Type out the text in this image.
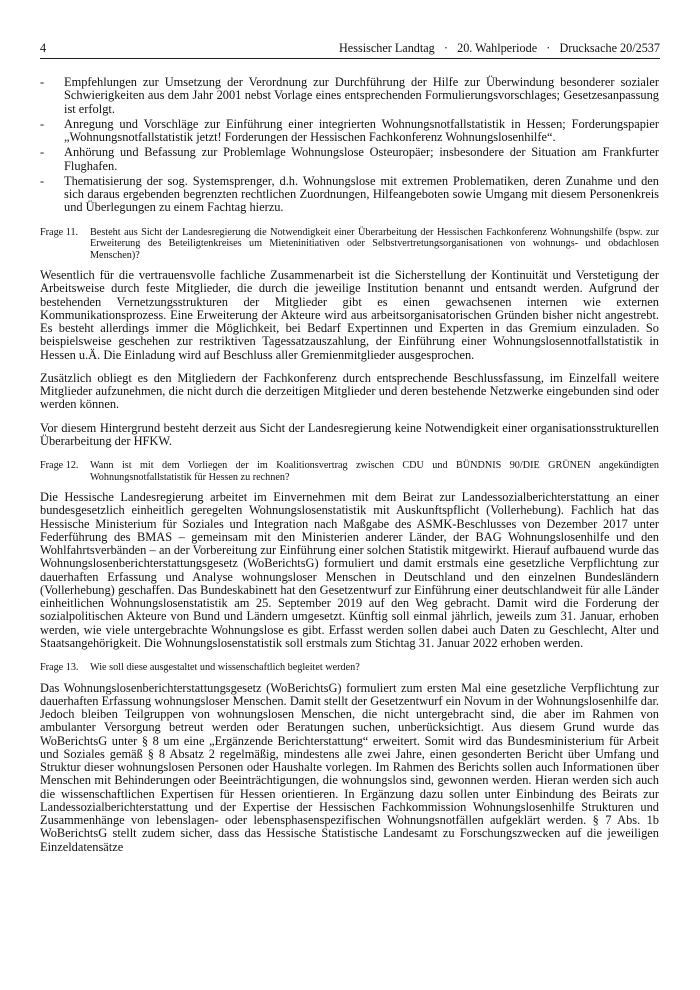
4	Hessischer Landtag   ·   20. Wahlperiode   ·   Drucksache 20/2537
- Empfehlungen zur Umsetzung der Verordnung zur Durchführung der Hilfe zur Überwindung besonderer sozialer Schwierigkeiten aus dem Jahr 2001 nebst Vorlage eines entsprechenden Formulierungsvorschlages; Gesetzesanpassung ist erfolgt.
- Anregung und Vorschläge zur Einführung einer integrierten Wohnungsnotfallstatistik in Hessen; Forderungspapier „Wohnungsnotfallstatistik jetzt! Forderungen der Hessischen Fachkonferenz Wohnungslosenhilfe“.
- Anhörung und Befassung zur Problemlage Wohnungslose Osteuropäer; insbesondere der Situation am Frankfurter Flughafen.
- Thematisierung der sog. Systemsprenger, d.h. Wohnungslose mit extremen Problematiken, deren Zunahme und den sich daraus ergebenden begrenzten rechtlichen Zuordnungen, Hilfeangeboten sowie Umgang mit diesem Personenkreis und Überlegungen zu einem Fachtag hierzu.
Frage 11.	Besteht aus Sicht der Landesregierung die Notwendigkeit einer Überarbeitung der Hessischen Fachkonferenz Wohnungshilfe (bspw. zur Erweiterung des Beteiligtenkreises um Mieteninitiativen oder Selbstvertretungsorganisationen von wohnungs- und obdachlosen Menschen)?

Wesentlich für die vertrauensvolle fachliche Zusammenarbeit ist die Sicherstellung der Kontinuität und Verstetigung der Arbeitsweise durch feste Mitglieder, die durch die jeweilige Institution benannt und entsandt werden. Aufgrund der bestehenden Vernetzungsstrukturen der Mitglieder gibt es einen gewachsenen internen wie externen Kommunikationsprozess. Eine Erweiterung der Akteure wird aus arbeitsorganisatorischen Gründen bisher nicht angestrebt. Es besteht allerdings immer die Möglichkeit, bei Bedarf Expertinnen und Experten in das Gremium einzuladen. So beispielsweise geschehen zur restriktiven Tagessatzauszahlung, der Einführung einer Wohnungslosennotfallstatistik in Hessen u.Ä. Die Einladung wird auf Beschluss aller Gremienmitglieder ausgesprochen.

Zusätzlich obliegt es den Mitgliedern der Fachkonferenz durch entsprechende Beschlussfassung, im Einzelfall weitere Mitglieder aufzunehmen, die nicht durch die derzeitigen Mitglieder und deren bestehende Netzwerke eingebunden sind oder werden können.

Vor diesem Hintergrund besteht derzeit aus Sicht der Landesregierung keine Notwendigkeit einer organisationsstrukturellen Überarbeitung der HFKW.

Frage 12.	Wann ist mit dem Vorliegen der im Koalitionsvertrag zwischen CDU und BÜNDNIS 90/DIE GRÜNEN angekündigten Wohnungsnotfallstatistik für Hessen zu rechnen?

Die Hessische Landesregierung arbeitet im Einvernehmen mit dem Beirat zur Landessozialberichterstattung an einer bundesgesetzlich einheitlich geregelten Wohnungslosenstatistik mit Auskunftspflicht (Vollerhebung). Fachlich hat das Hessische Ministerium für Soziales und Integration nach Maßgabe des ASMK-Beschlusses von Dezember 2017 unter Federführung des BMAS – gemeinsam mit den Ministerien anderer Länder, der BAG Wohnungslosenhilfe und den Wohlfahrtsverbänden – an der Vorbereitung zur Einführung einer solchen Statistik mitgewirkt. Hierauf aufbauend wurde das Wohnungslosenberichterstattungsgesetz (WoBerichtsG) formuliert und damit erstmals eine gesetzliche Verpflichtung zur dauerhaften Erfassung und Analyse wohnungsloser Menschen in Deutschland und den einzelnen Bundesländern (Vollerhebung) geschaffen. Das Bundeskabinett hat den Gesetzentwurf zur Einführung einer deutschlandweit für alle Länder einheitlichen Wohnungslosenstatistik am 25. September 2019 auf den Weg gebracht. Damit wird die Forderung der sozialpolitischen Akteure von Bund und Ländern umgesetzt. Künftig soll einmal jährlich, jeweils zum 31. Januar, erhoben werden, wie viele untergebrachte Wohnungslose es gibt. Erfasst werden sollen dabei auch Daten zu Geschlecht, Alter und Staatsangehörigkeit. Die Wohnungslosenstatistik soll erstmals zum Stichtag 31. Januar 2022 erhoben werden.

Frage 13.	Wie soll diese ausgestaltet und wissenschaftlich begleitet werden?

Das Wohnungslosenberichterstattungsgesetz (WoBerichtsG) formuliert zum ersten Mal eine gesetzliche Verpflichtung zur dauerhaften Erfassung wohnungsloser Menschen. Damit stellt der Gesetzentwurf ein Novum in der Wohnungslosenhilfe dar. Jedoch bleiben Teilgruppen von wohnungslosen Menschen, die nicht untergebracht sind, die aber im Rahmen von ambulanter Versorgung betreut werden oder Beratungen suchen, unberücksichtigt. Aus diesem Grund wurde das WoBerichtsG unter § 8 um eine „Ergänzende Berichterstattung“ erweitert. Somit wird das Bundesministerium für Arbeit und Soziales gemäß § 8 Absatz 2 regelmäßig, mindestens alle zwei Jahre, einen gesonderten Bericht über Umfang und Struktur dieser wohnungslosen Personen oder Haushalte vorlegen. Im Rahmen des Berichts sollen auch Informationen über Menschen mit Behinderungen oder Beeinträchtigungen, die wohnungslos sind, gewonnen werden. Hieran werden sich auch die wissenschaftlichen Expertisen für Hessen orientieren. In Ergänzung dazu sollen unter Einbindung des Beirats zur Landessozialberichterstattung und der Expertise der Hessischen Fachkommission Wohnungslosenhilfe Strukturen und Zusammenhänge von lebenslagen- oder lebensphasenspezifischen Wohnungsnotfällen aufgeklärt werden. § 7 Abs. 1b WoBerichtsG stellt zudem sicher, dass das Hessische Statistische Landesamt zu Forschungszwecken auf die jeweiligen Einzeldatensätze
